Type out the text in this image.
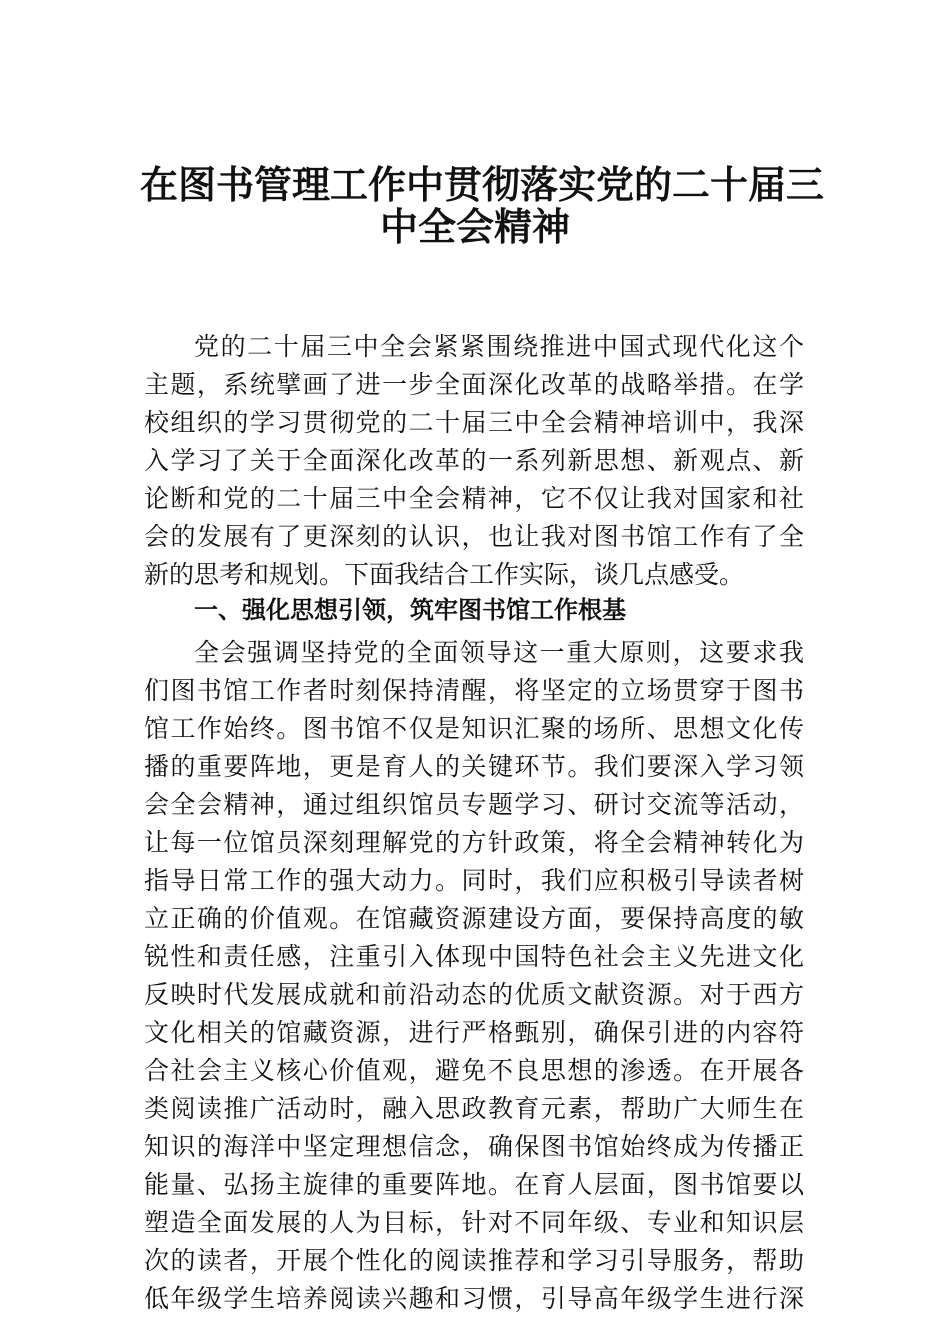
在图书管理工作中贯彻落实党的二十届三
中全会精神
党的二十届三中全会紧紧围绕推进中国式现代化这个
主题，系统擘画了进一步全面深化改革的战略举措。在学
校组织的学习贯彻党的二十届三中全会精神培训中，我深
入学习了关于全面深化改革的一系列新思想、新观点、新
论断和党的二十届三中全会精神，它不仅让我对国家和社
会的发展有了更深刻的认识，也让我对图书馆工作有了全
新的思考和规划。下面我结合工作实际，谈几点感受。
一、强化思想引领，筑牢图书馆工作根基
全会强调坚持党的全面领导这一重大原则，这要求我
们图书馆工作者时刻保持清醒，将坚定的立场贯穿于图书
馆工作始终。图书馆不仅是知识汇聚的场所、思想文化传
播的重要阵地，更是育人的关键环节。我们要深入学习领
会全会精神，通过组织馆员专题学习、研讨交流等活动，
让每一位馆员深刻理解党的方针政策，将全会精神转化为
指导日常工作的强大动力。同时，我们应积极引导读者树
立正确的价值观。在馆藏资源建设方面，要保持高度的敏
锐性和责任感，注重引入体现中国特色社会主义先进文化
反映时代发展成就和前沿动态的优质文献资源。对于西方
文化相关的馆藏资源，进行严格甄别，确保引进的内容符
合社会主义核心价值观，避免不良思想的渗透。在开展各
类阅读推广活动时，融入思政教育元素，帮助广大师生在
知识的海洋中坚定理想信念，确保图书馆始终成为传播正
能量、弘扬主旋律的重要阵地。在育人层面，图书馆要以
塑造全面发展的人为目标，针对不同年级、专业和知识层
次的读者，开展个性化的阅读推荐和学习引导服务，帮助
低年级学生培养阅读兴趣和习惯，引导高年级学生进行深
